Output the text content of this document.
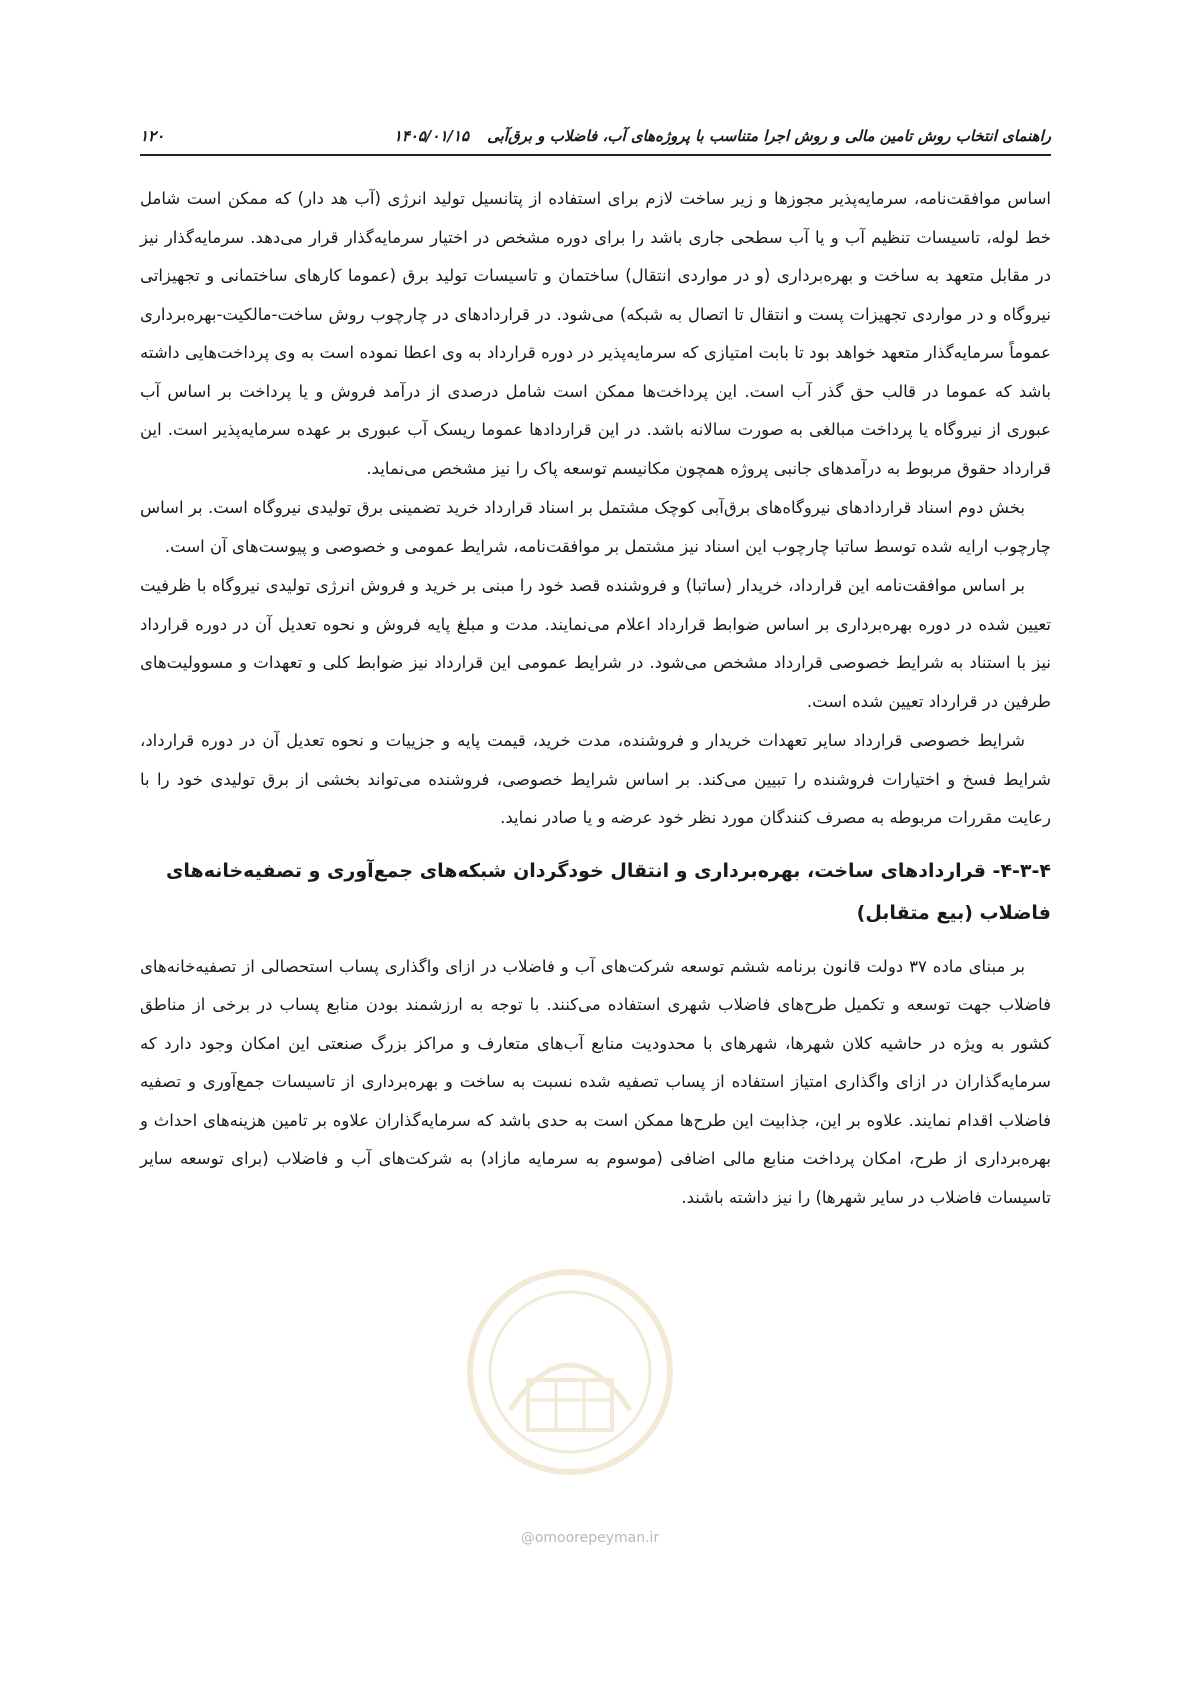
راهنمای انتخاب روش تامین مالی و روش اجرا متناسب با پروژه‌های آب، فاضلاب و برق‌آبی
۱۴۰۵/۰۱/۱۵
۱۲۰

اساس موافقت‌نامه، سرمایه‌پذیر مجوزها و زیر ساخت لازم برای استفاده از پتانسیل تولید انرژی (آب هد دار) که ممکن است شامل خط لوله، تاسیسات تنظیم آب و یا آب سطحی جاری باشد را برای دوره مشخص در اختیار سرمایه‌گذار قرار می‌دهد. سرمایه‌گذار نیز در مقابل متعهد به ساخت و بهره‌برداری (و در مواردی انتقال) ساختمان و تاسیسات تولید برق (عموما کارهای ساختمانی و تجهیزاتی نیروگاه و در مواردی تجهیزات پست و انتقال تا اتصال به شبکه) می‌شود. در قراردادهای در چارچوب روش ساخت-مالکیت-بهره‌برداری عموماً سرمایه‌گذار متعهد خواهد بود تا بابت امتیازی که سرمایه‌پذیر در دوره قرارداد به وی اعطا نموده است به وی پرداخت‌هایی داشته باشد که عموما در قالب حق گذر آب است. این پرداخت‌ها ممکن است شامل درصدی از درآمد فروش و یا پرداخت بر اساس آب عبوری از نیروگاه یا پرداخت مبالغی به صورت سالانه باشد. در این قراردادها عموما ریسک آب عبوری بر عهده سرمایه‌پذیر است. این قرارداد حقوق مربوط به درآمدهای جانبی پروژه همچون مکانیسم توسعه پاک را نیز مشخص می‌نماید.

بخش دوم اسناد قراردادهای نیروگاه‌های برق‌آبی کوچک مشتمل بر اسناد قرارداد خرید تضمینی برق تولیدی نیروگاه است. بر اساس چارچوب ارایه شده توسط ساتبا چارچوب این اسناد نیز مشتمل بر موافقت‌نامه، شرایط عمومی و خصوصی و پیوست‌های آن است.

بر اساس موافقت‌نامه این قرارداد، خریدار (ساتبا) و فروشنده قصد خود را مبنی بر خرید و فروش انرژی تولیدی نیروگاه با ظرفیت تعیین شده در دوره بهره‌برداری بر اساس ضوابط قرارداد اعلام می‌نمایند. مدت و مبلغ پایه فروش و نحوه تعدیل آن در دوره قرارداد نیز با استناد به شرایط خصوصی قرارداد مشخص می‌شود. در شرایط عمومی این قرارداد نیز ضوابط کلی و تعهدات و مسوولیت‌های طرفین در قرارداد تعیین شده است.

شرایط خصوصی قرارداد سایر تعهدات خریدار و فروشنده، مدت خرید، قیمت پایه و جزییات و نحوه تعدیل آن در دوره قرارداد، شرایط فسخ و اختیارات فروشنده را تبیین می‌کند. بر اساس شرایط خصوصی، فروشنده می‌تواند بخشی از برق تولیدی خود را با رعایت مقررات مربوطه به مصرف کنندگان مورد نظر خود عرضه و یا صادر نماید.

۴-۳-۴- قراردادهای ساخت، بهره‌برداری و انتقال خودگردان شبکه‌های جمع‌آوری و تصفیه‌خانه‌های
فاضلاب (بیع متقابل)

بر مبنای ماده ۳۷ دولت قانون برنامه ششم توسعه شرکت‌های آب و فاضلاب در ازای واگذاری پساب استحصالی از تصفیه‌خانه‌های فاضلاب جهت توسعه و تکمیل طرح‌های فاضلاب شهری استفاده می‌کنند. با توجه به ارزشمند بودن منابع پساب در برخی از مناطق کشور به ویژه در حاشیه کلان شهرها، شهرهای با محدودیت منابع آب‌های متعارف و مراکز بزرگ صنعتی این امکان وجود دارد که سرمایه‌گذاران در ازای واگذاری امتیاز استفاده از پساب تصفیه شده نسبت به ساخت و بهره‌برداری از تاسیسات جمع‌آوری و تصفیه فاضلاب اقدام نمایند. علاوه بر این، جذابیت این طرح‌ها ممکن است به حدی باشد که سرمایه‌گذاران علاوه بر تامین هزینه‌های احداث و بهره‌برداری از طرح، امکان پرداخت منابع مالی اضافی (موسوم به سرمایه مازاد) به شرکت‌های آب و فاضلاب (برای توسعه سایر تاسیسات فاضلاب در سایر شهرها) را نیز داشته باشند.

@omoorepeyman.ir
